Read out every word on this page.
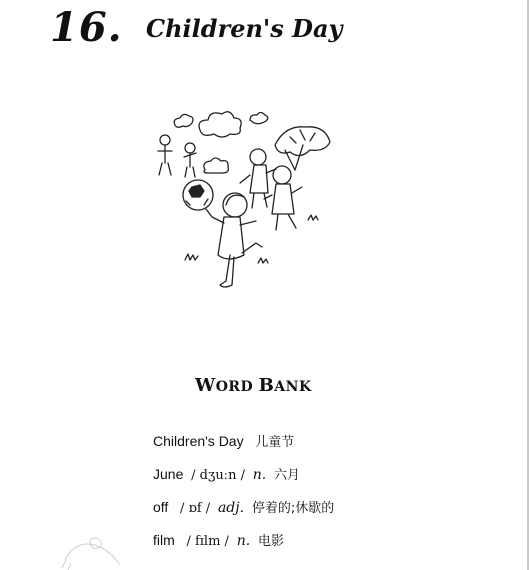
16. Children's Day
WORD BANK
Children's Day 儿童节
June / dʒuːn / n. 六月
off / ɒf / adj. 停着的;休歇的
film / fɪlm / n. 电影
